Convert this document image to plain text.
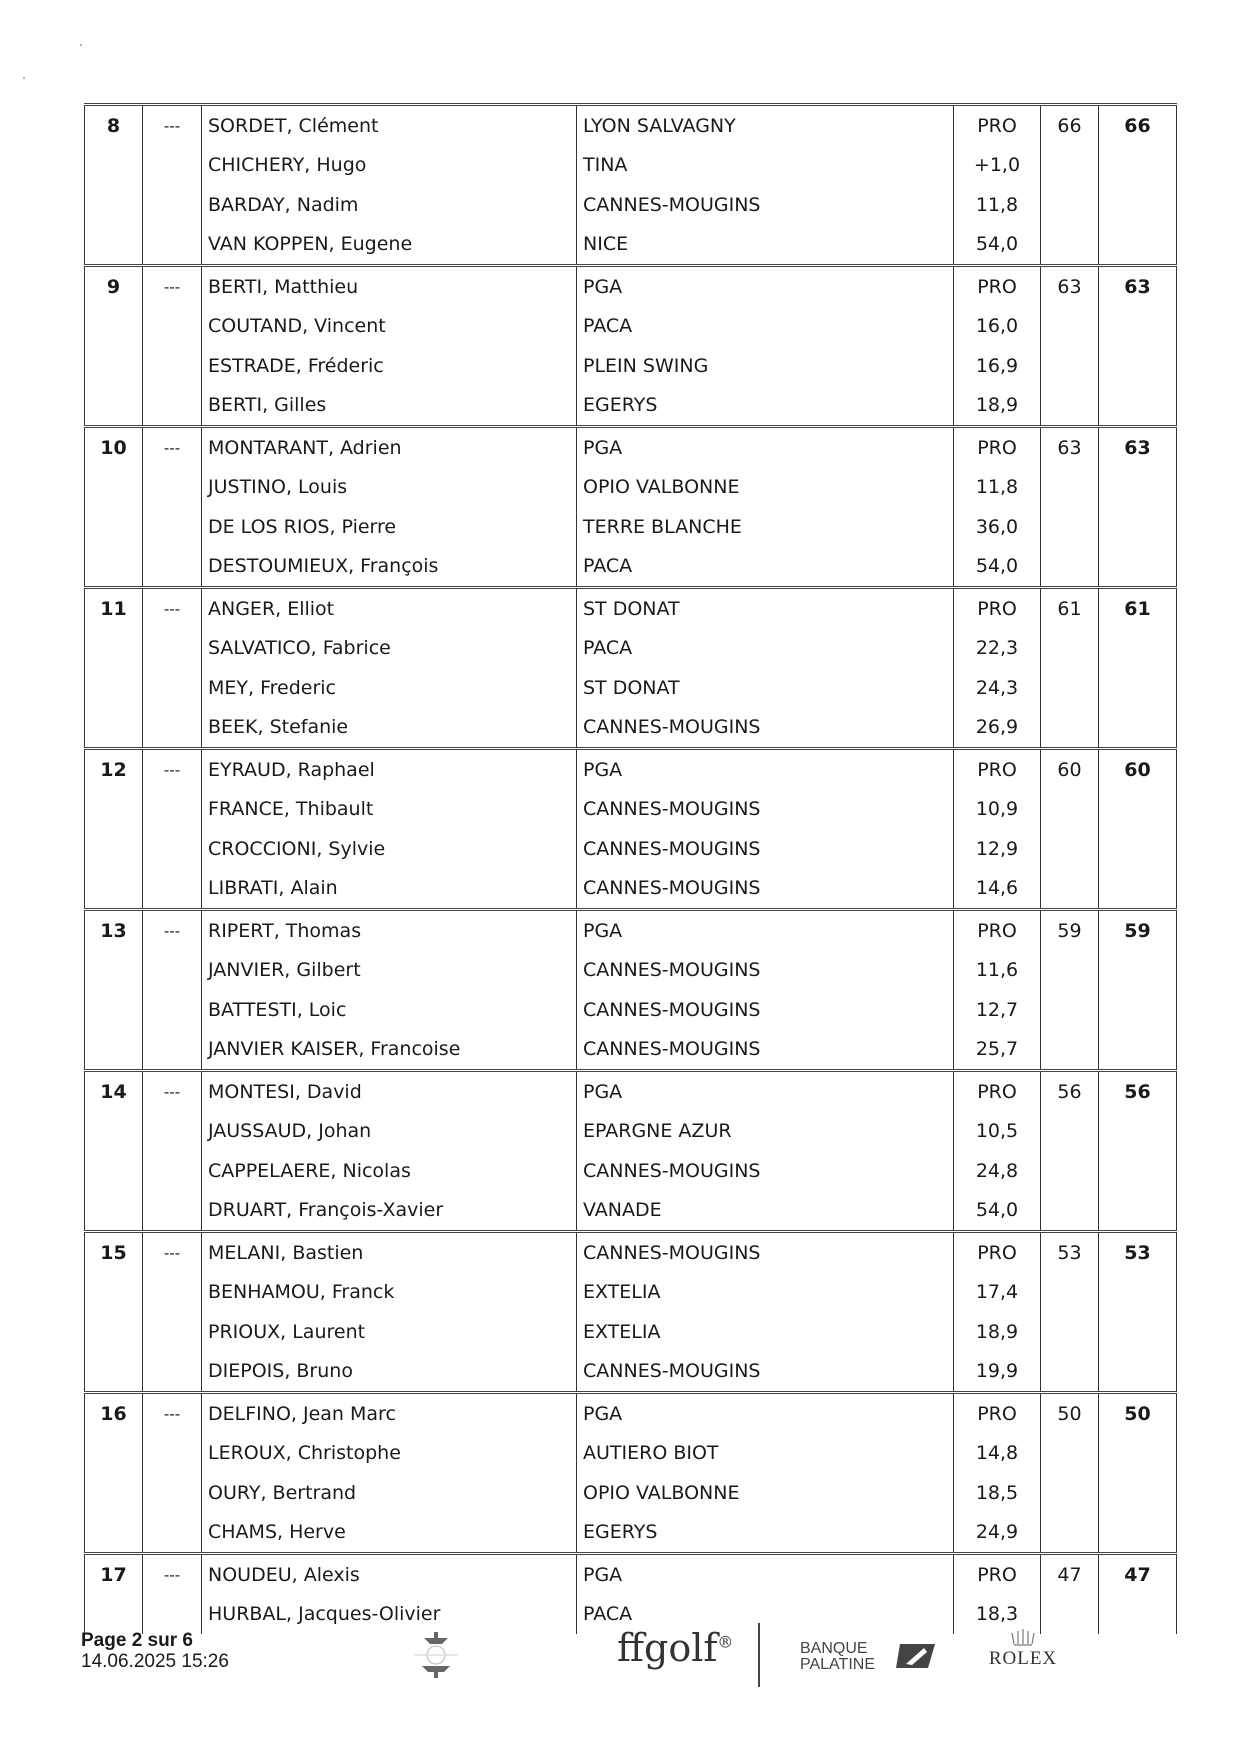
8	---	SORDET, Clément	LYON SALVAGNY	PRO	66	66
		CHICHERY, Hugo	TINA	+1,0		
		BARDAY, Nadim	CANNES-MOUGINS	11,8		
		VAN KOPPEN, Eugene	NICE	54,0		
9	---	BERTI, Matthieu	PGA	PRO	63	63
		COUTAND, Vincent	PACA	16,0		
		ESTRADE, Fréderic	PLEIN SWING	16,9		
		BERTI, Gilles	EGERYS	18,9		
10	---	MONTARANT, Adrien	PGA	PRO	63	63
		JUSTINO, Louis	OPIO VALBONNE	11,8		
		DE LOS RIOS, Pierre	TERRE BLANCHE	36,0		
		DESTOUMIEUX, François	PACA	54,0		
11	---	ANGER, Elliot	ST DONAT	PRO	61	61
		SALVATICO, Fabrice	PACA	22,3		
		MEY, Frederic	ST DONAT	24,3		
		BEEK, Stefanie	CANNES-MOUGINS	26,9		
12	---	EYRAUD, Raphael	PGA	PRO	60	60
		FRANCE, Thibault	CANNES-MOUGINS	10,9		
		CROCCIONI, Sylvie	CANNES-MOUGINS	12,9		
		LIBRATI, Alain	CANNES-MOUGINS	14,6		
13	---	RIPERT, Thomas	PGA	PRO	59	59
		JANVIER, Gilbert	CANNES-MOUGINS	11,6		
		BATTESTI, Loic	CANNES-MOUGINS	12,7		
		JANVIER KAISER, Francoise	CANNES-MOUGINS	25,7		
14	---	MONTESI, David	PGA	PRO	56	56
		JAUSSAUD, Johan	EPARGNE AZUR	10,5		
		CAPPELAERE, Nicolas	CANNES-MOUGINS	24,8		
		DRUART, François-Xavier	VANADE	54,0		
15	---	MELANI, Bastien	CANNES-MOUGINS	PRO	53	53
		BENHAMOU, Franck	EXTELIA	17,4		
		PRIOUX, Laurent	EXTELIA	18,9		
		DIEPOIS, Bruno	CANNES-MOUGINS	19,9		
16	---	DELFINO, Jean Marc	PGA	PRO	50	50
		LEROUX, Christophe	AUTIERO BIOT	14,8		
		OURY, Bertrand	OPIO VALBONNE	18,5		
		CHAMS, Herve	EGERYS	24,9		
17	---	NOUDEU, Alexis	PGA	PRO	47	47
		HURBAL, Jacques-Olivier	PACA	18,3		
Page 2 sur 6
14.06.2025 15:26	ffgolf®	BANQUE
PALATINE	ROLEX
